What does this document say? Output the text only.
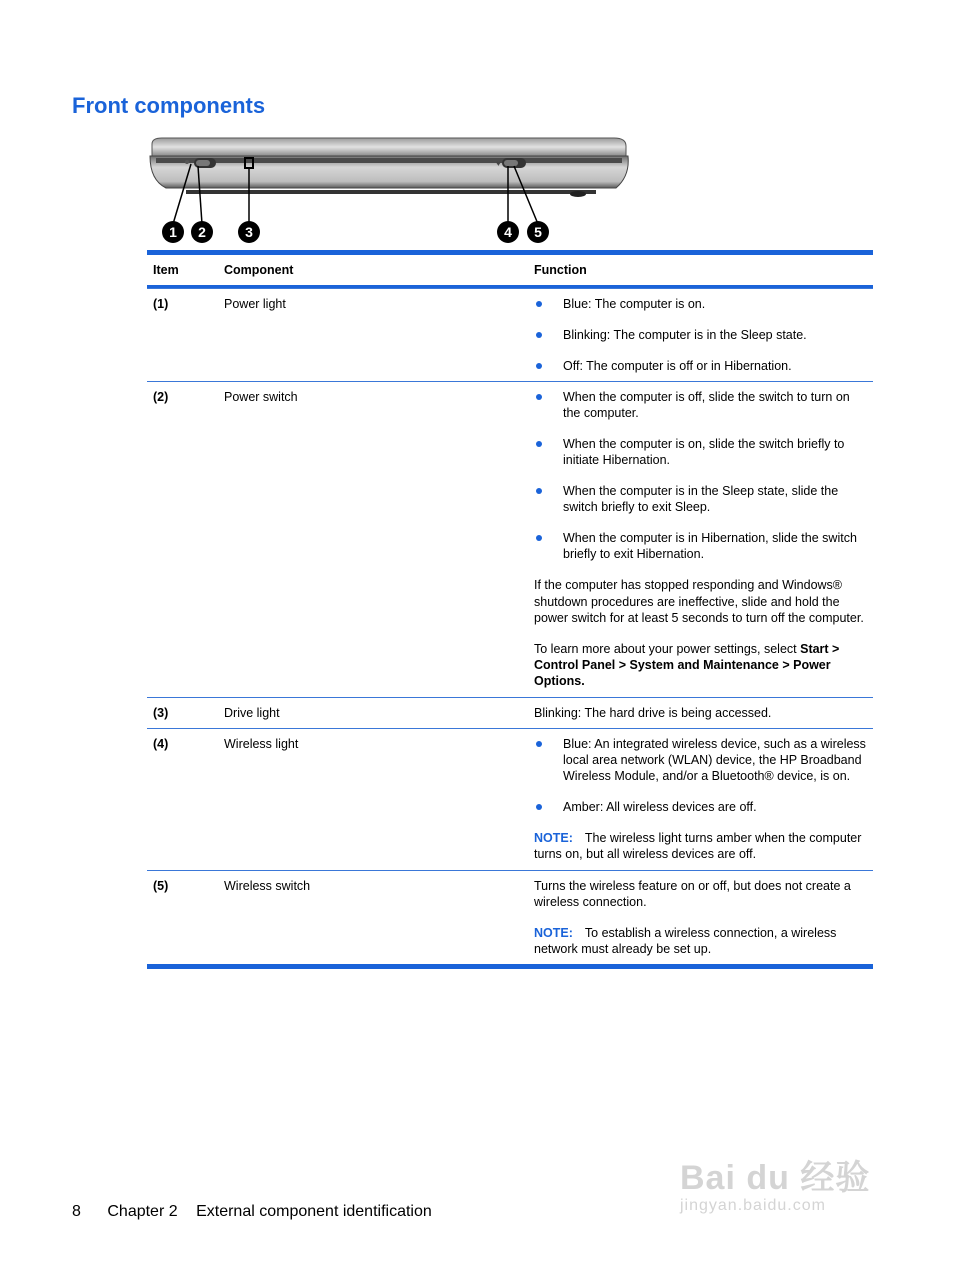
Front components
♥
1 2	3	4 5
Item	Component	Function
(1)	Power light	Blue: The computer is on.
Blinking: The computer is in the Sleep state.
Off: The computer is off or in Hibernation.
(2)	Power switch	When the computer is off, slide the switch to turn on the computer.
When the computer is on, slide the switch briefly to initiate Hibernation.
When the computer is in the Sleep state, slide the switch briefly to exit Sleep.
When the computer is in Hibernation, slide the switch briefly to exit Hibernation.

If the computer has stopped responding and Windows® shutdown procedures are ineffective, slide and hold the power switch for at least 5 seconds to turn off the computer.

To learn more about your power settings, select Start > Control Panel > System and Maintenance > Power Options.

(3)	Drive light	Blinking: The hard drive is being accessed.
(4)	Wireless light	Blue: An integrated wireless device, such as a wireless local area network (WLAN) device, the HP Broadband Wireless Module, and/or a Bluetooth® device, is on.
Amber: All wireless devices are off.

NOTE: The wireless light turns amber when the computer turns on, but all wireless devices are off.

(5)	Wireless switch	Turns the wireless feature on or off, but does not create a wireless connection.

NOTE: To establish a wireless connection, a wireless network must already be set up.

8 Chapter 2 External component identification
Bai du 经验
jingyan.baidu.com
